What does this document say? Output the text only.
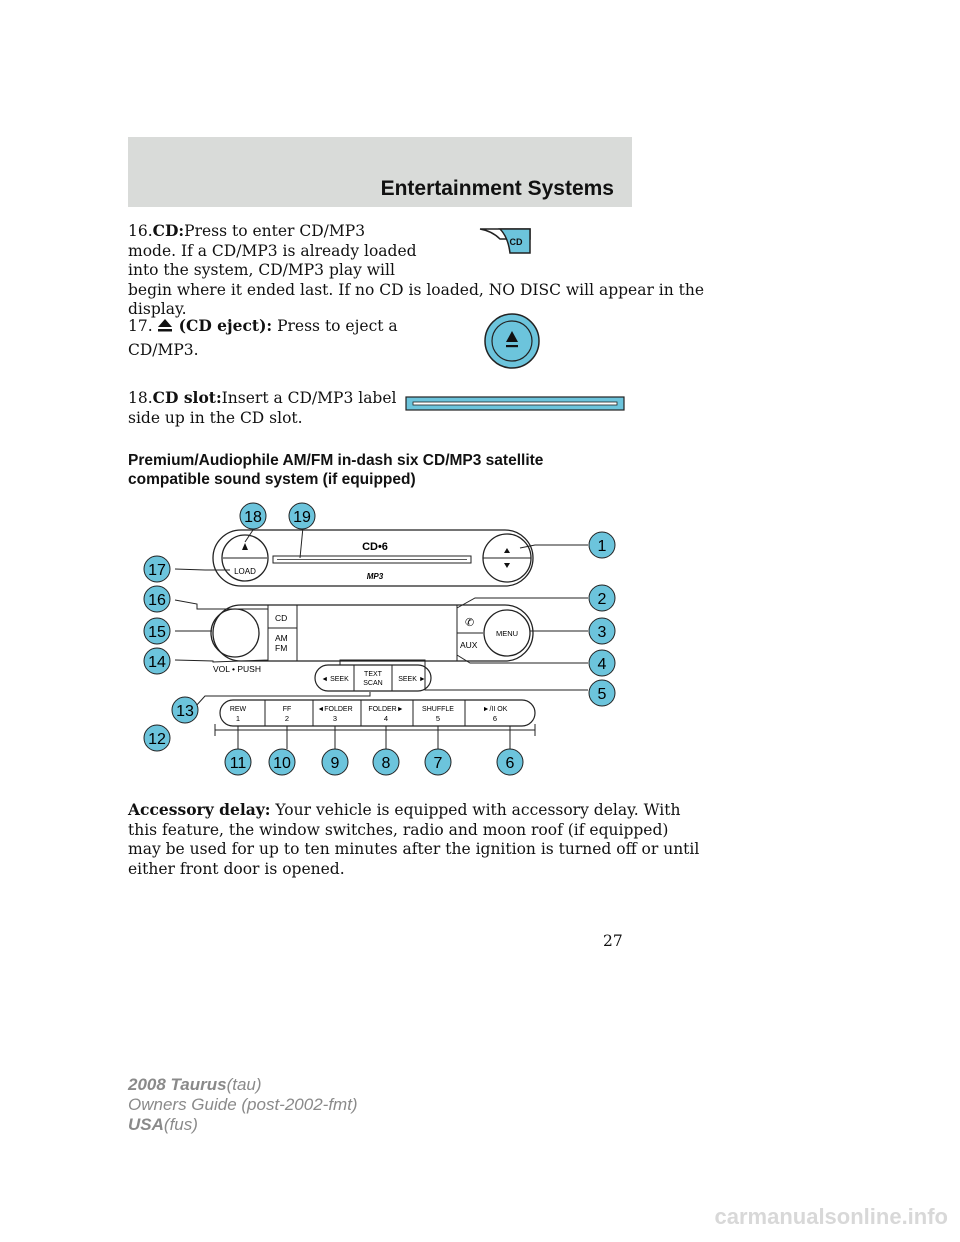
Entertainment Systems
16.CD:Press to enter CD/MP3
mode. If a CD/MP3 is already loaded
into the system, CD/MP3 play will
begin where it ended last. If no CD is loaded, NO DISC will appear in the
display.
CD
17. (CD eject): Press to eject a
CD/MP3.
18.CD slot:Insert a CD/MP3 label
side up in the CD slot.
Premium/Audiophile AM/FM in-dash six CD/MP3 satellite
compatible sound system (if equipped)
LOAD
CD•6
MP3
VOL • PUSH
CD
AM
FM
✆
AUX
MENU
◄ SEEK
TEXT
SCAN
SEEK ►
REW
1
FF
2
◄FOLDER
3
FOLDER►
4
SHUFFLE
5
►/II OK
6
1
2
3
4
5
6
7
8
9
10
11
12
13
14
15
16
17
18 19
Accessory delay: Your vehicle is equipped with accessory delay. With
this feature, the window switches, radio and moon roof (if equipped)
may be used for up to ten minutes after the ignition is turned off or until
either front door is opened.
27
2008 Taurus(tau)
Owners Guide (post-2002-fmt)
USA(fus)
carmanualsonline.info
